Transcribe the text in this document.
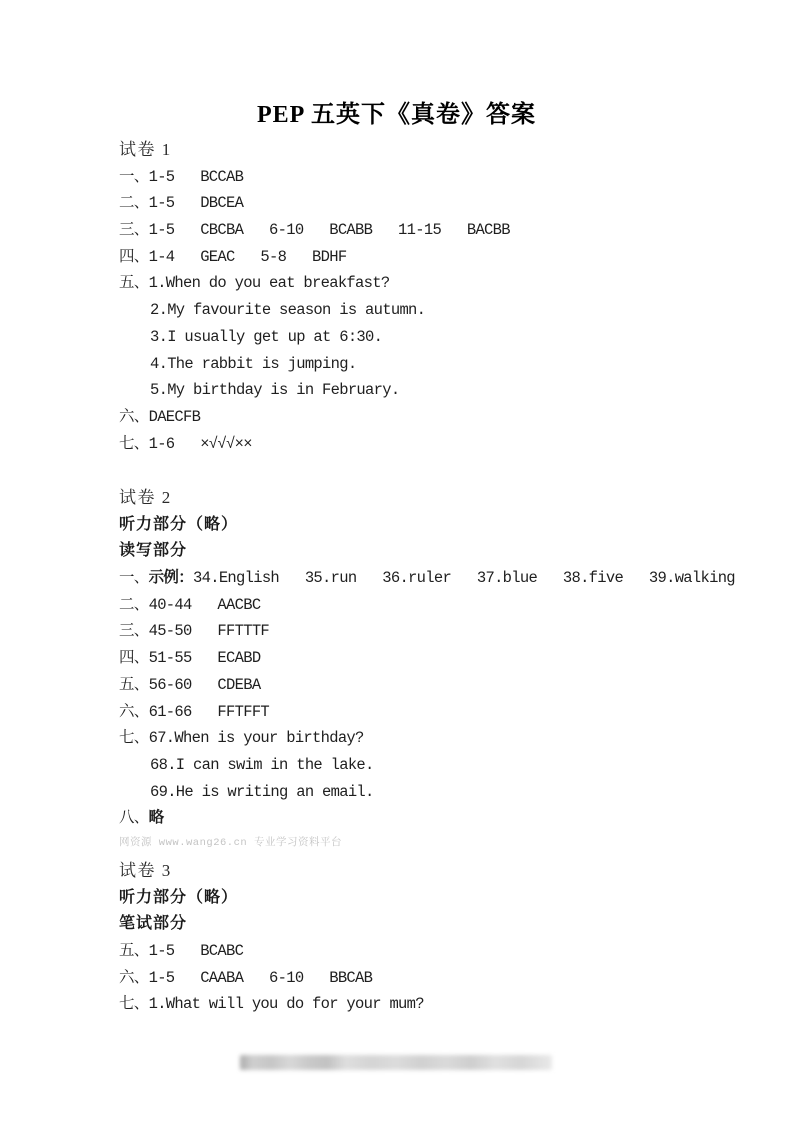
PEP 五英下《真卷》答案
试卷 1
一、1-5   BCCAB
二、1-5   DBCEA
三、1-5   CBCBA   6-10   BCABB   11-15   BACBB
四、1-4   GEAC   5-8   BDHF
五、1.When do you eat breakfast?
2.My favourite season is autumn.
3.I usually get up at 6:30.
4.The rabbit is jumping.
5.My birthday is in February.
六、DAECFB
七、1-6   ×√√√××
试卷 2
听力部分（略）
读写部分
一、示例：34.English   35.run   36.ruler   37.blue   38.five   39.walking
二、40-44   AACBC
三、45-50   FFTTTF
四、51-55   ECABD
五、56-60   CDEBA
六、61-66   FFTFFT
七、67.When is your birthday?
68.I can swim in the lake.
69.He is writing an email.
八、略
网资源 www.wang26.cn 专业学习资料平台
试卷 3
听力部分（略）
笔试部分
五、1-5   BCABC
六、1-5   CAABA   6-10   BBCAB
七、1.What will you do for your mum?
